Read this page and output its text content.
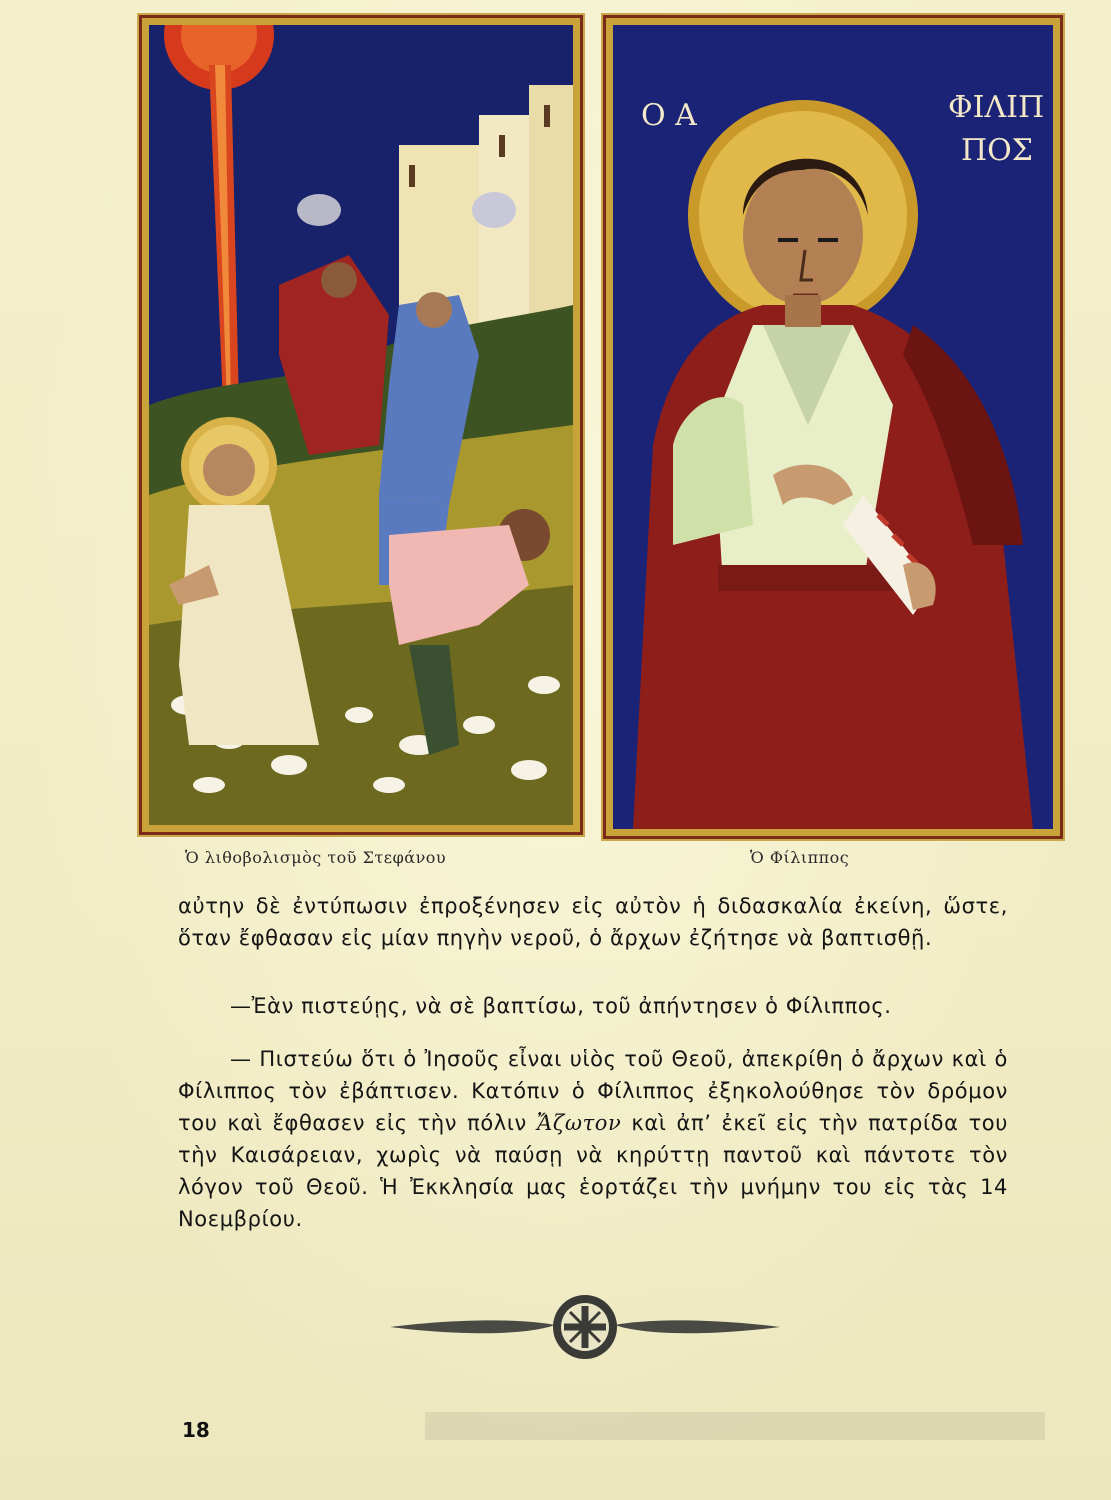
Ο Α	ΦΙΛΙΠ
ΠΟΣ
Ὁ λιθοβολισμὸς τοῦ Στεφάνου	Ὁ Φίλιππος

αὐτην δὲ ἐντύπωσιν ἐπροξένησεν εἰς αὐτὸν ἡ διδασκαλία ἐκείνη, ὥστε, ὅταν ἔφθασαν εἰς μίαν πηγὴν νεροῦ, ὁ ἄρχων ἐζήτησε νὰ βαπτισθῇ.

—Ἐὰν πιστεύῃς, νὰ σὲ βαπτίσω, τοῦ ἀπήντησεν ὁ Φίλιππος.

— Πιστεύω ὅτι ὁ Ἰησοῦς εἶναι υἱὸς τοῦ Θεοῦ, ἀπεκρίθη ὁ ἄρχων καὶ ὁ Φίλιππος τὸν ἐβάπτισεν. Κατόπιν ὁ Φίλιππος ἐξηκολούθησε τὸν δρόμον του καὶ ἔφθασεν εἰς τὴν πόλιν Ἄζωτον καὶ ἀπ’ ἐκεῖ εἰς τὴν πατρίδα του τὴν Καισάρειαν, χωρὶς νὰ παύσῃ νὰ κηρύττῃ παντοῦ καὶ πάντοτε τὸν λόγον τοῦ Θεοῦ. Ἡ Ἐκκλησία μας ἑορτάζει τὴν μνήμην του εἰς τὰς 14 Νοεμβρίου.

18
